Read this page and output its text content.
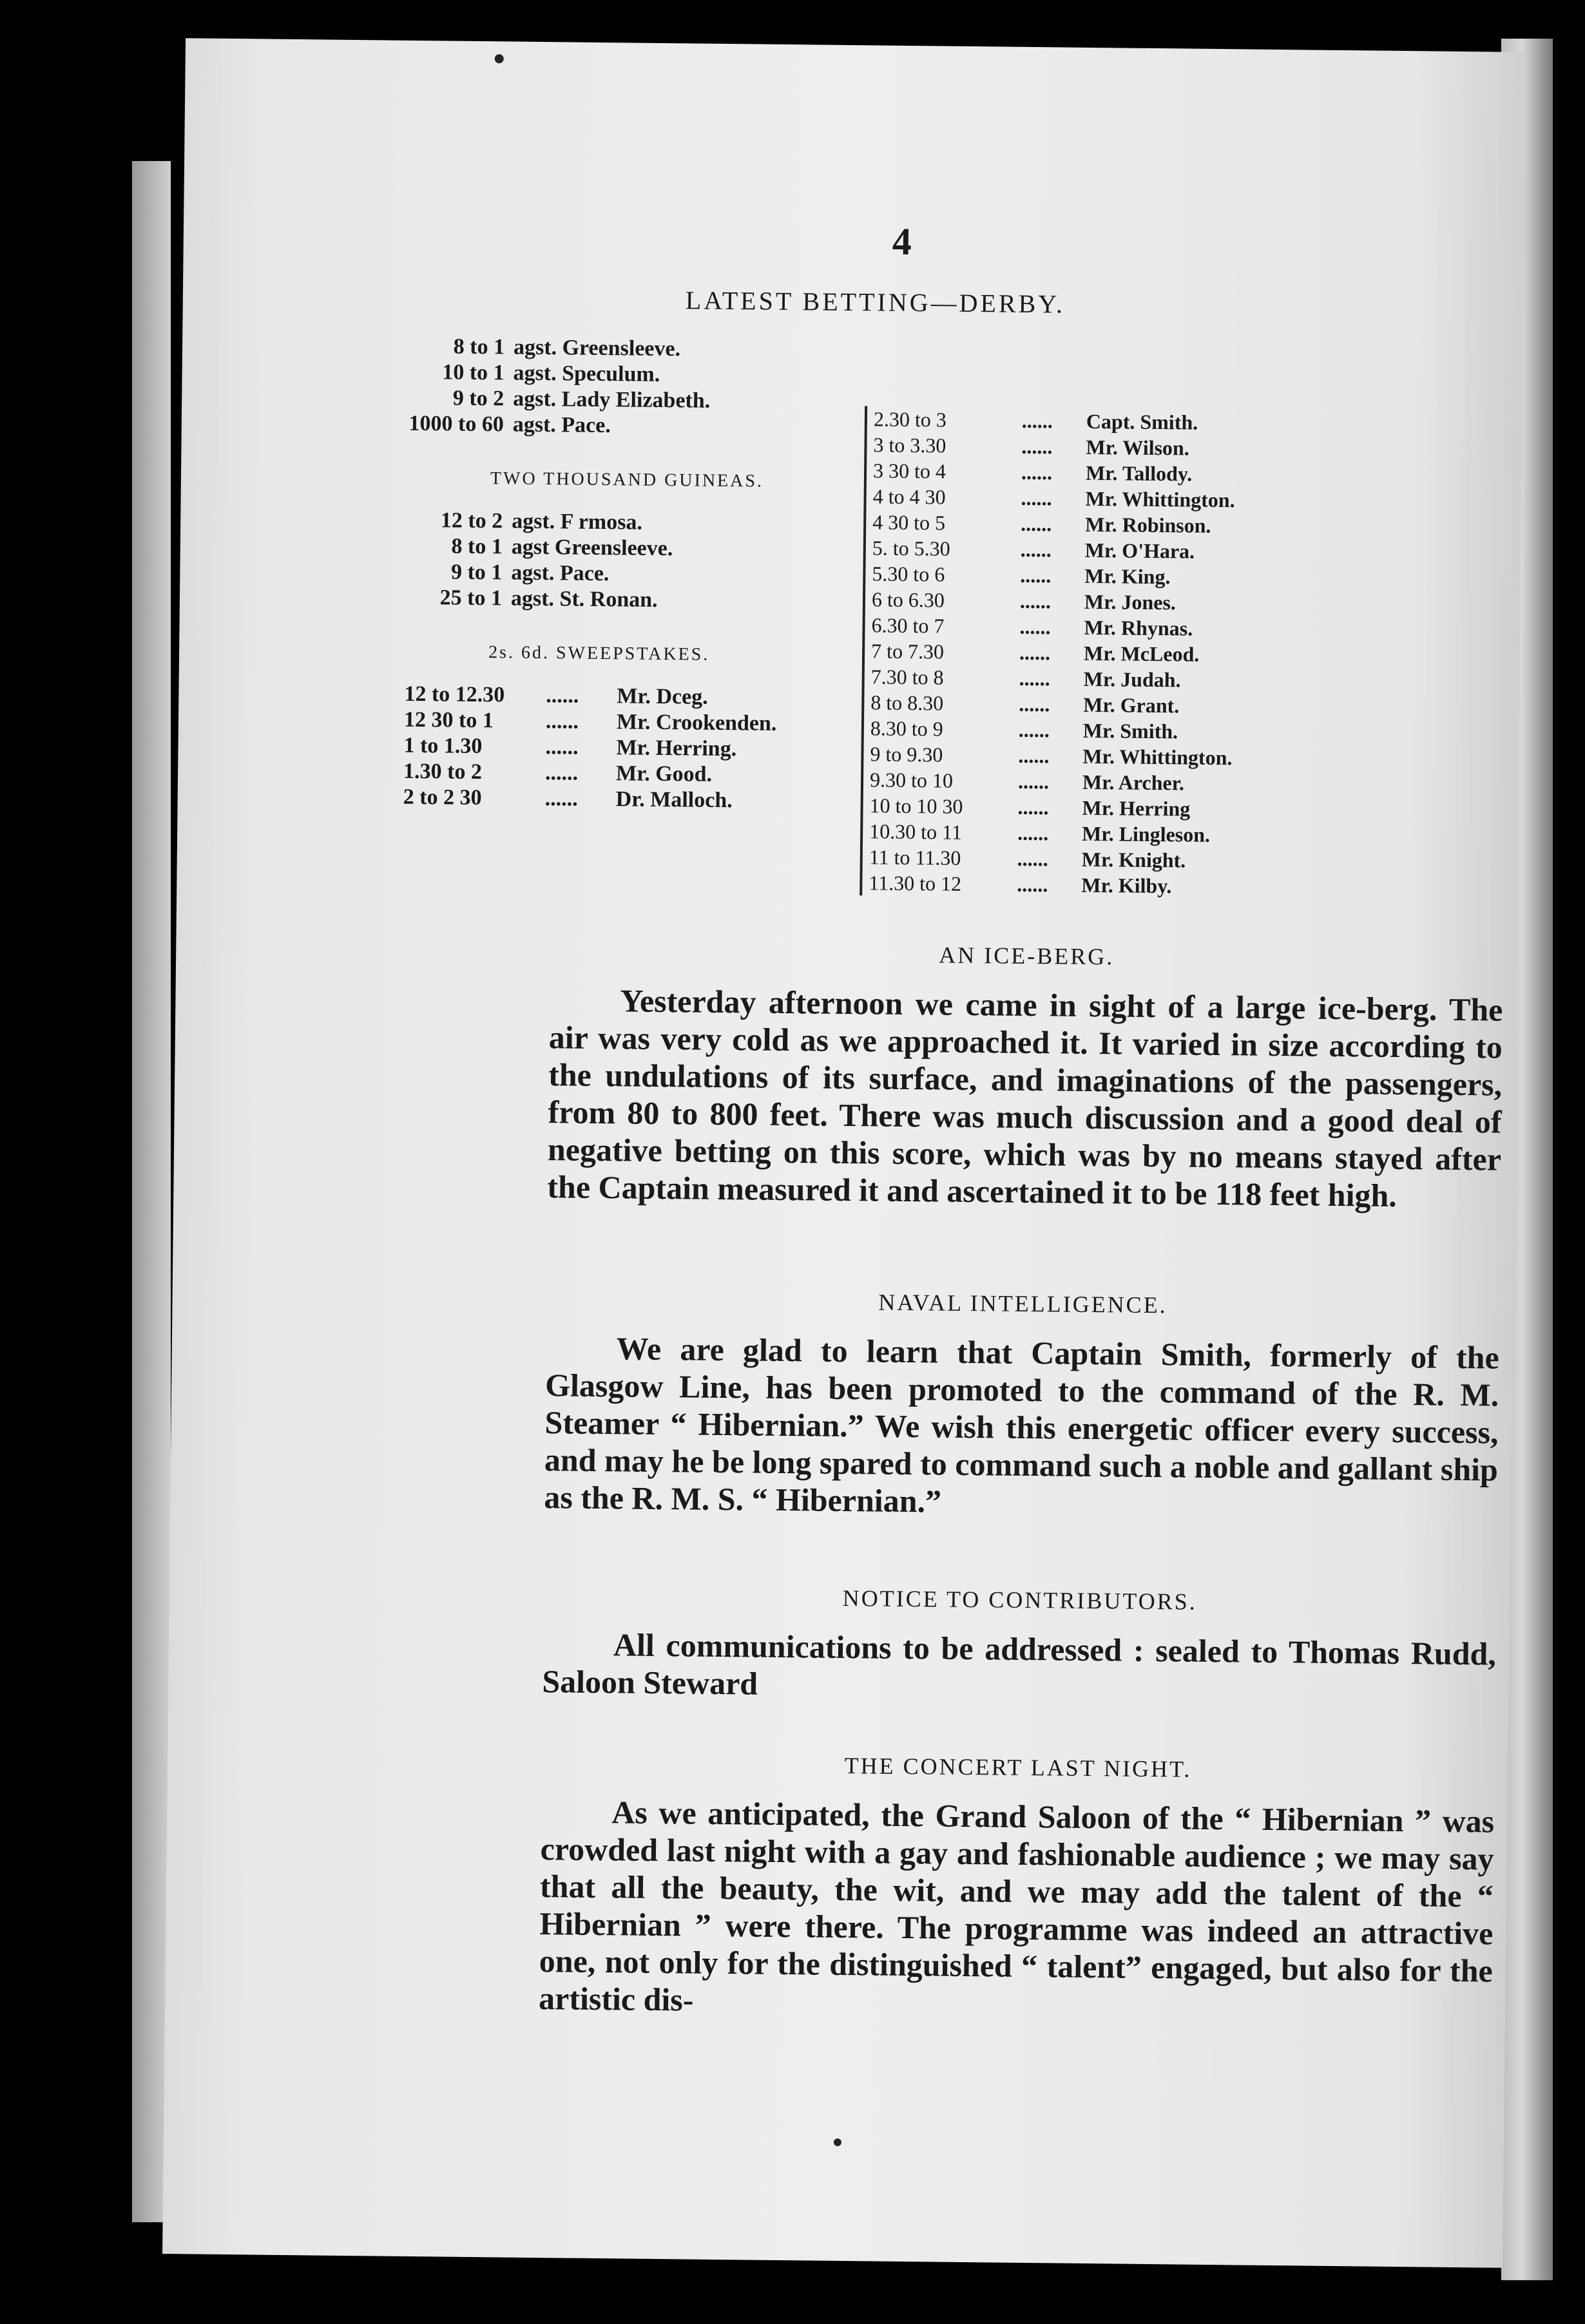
4
LATEST BETTING—DERBY.
8 to 1 agst. Greensleeve.
10 to 1 agst. Speculum.
9 to 2 agst. Lady Elizabeth.
1000 to 60 agst. Pace.
TWO THOUSAND GUINEAS.
12 to 2 agst. F rmosa.
8 to 1 agst Greensleeve.
9 to 1 agst. Pace.
25 to 1 agst. St. Ronan.
2s. 6d. SWEEPSTAKES.
12 to 12.30 ...... Mr. Dceg.
12 30 to 1 ...... Mr. Crookenden.
1 to 1.30	...... Mr. Herring.
1.30 to 2	...... Mr. Good.
2 to 2 30	...... Dr. Malloch.
2.30 to 3	...... Capt. Smith.
3 to 3.30	...... Mr. Wilson.
3 30 to 4	...... Mr. Tallody.
4 to 4 30	...... Mr. Whittington.
4 30 to 5	...... Mr. Robinson.
5. to 5.30	...... Mr. O'Hara.
5.30 to 6	...... Mr. King.
6 to 6.30	...... Mr. Jones.
6.30 to 7	...... Mr. Rhynas.
7 to 7.30	...... Mr. McLeod.
7.30 to 8	...... Mr. Judah.
8 to 8.30	...... Mr. Grant.
8.30 to 9	...... Mr. Smith.
9 to 9.30	...... Mr. Whittington.
9.30 to 10	...... Mr. Archer.
10 to 10 30	...... Mr. Herring
10.30 to 11	...... Mr. Lingleson.
11 to 11.30	...... Mr. Knight.
11.30 to 12	...... Mr. Kilby.
AN ICE-BERG.
Yesterday afternoon we came in sight of a large ice-berg. The air was very cold as we approached it. It varied in size according to the undulations of its surface, and imaginations of the passengers, from 80 to 800 feet. There was much discussion and a good deal of negative betting on this score, which was by no means stayed after the Captain measured it and ascertained it to be 118 feet high.
NAVAL INTELLIGENCE.
We are glad to learn that Captain Smith, formerly of the Glasgow Line, has been promoted to the command of the R. M. Steamer “ Hibernian.” We wish this energetic officer every success, and may he be long spared to command such a noble and gallant ship as the R. M. S. “ Hibernian.”
NOTICE TO CONTRIBUTORS.
All communications to be addressed : sealed to Thomas Rudd, Saloon Steward
THE CONCERT LAST NIGHT.
As we anticipated, the Grand Saloon of the “ Hibernian ” was crowded last night with a gay and fashionable audience ; we may say that all the beauty, the wit, and we may add the talent of the “ Hibernian ” were there. The programme was indeed an attractive one, not only for the distinguished “ talent” engaged, but also for the artistic dis-
